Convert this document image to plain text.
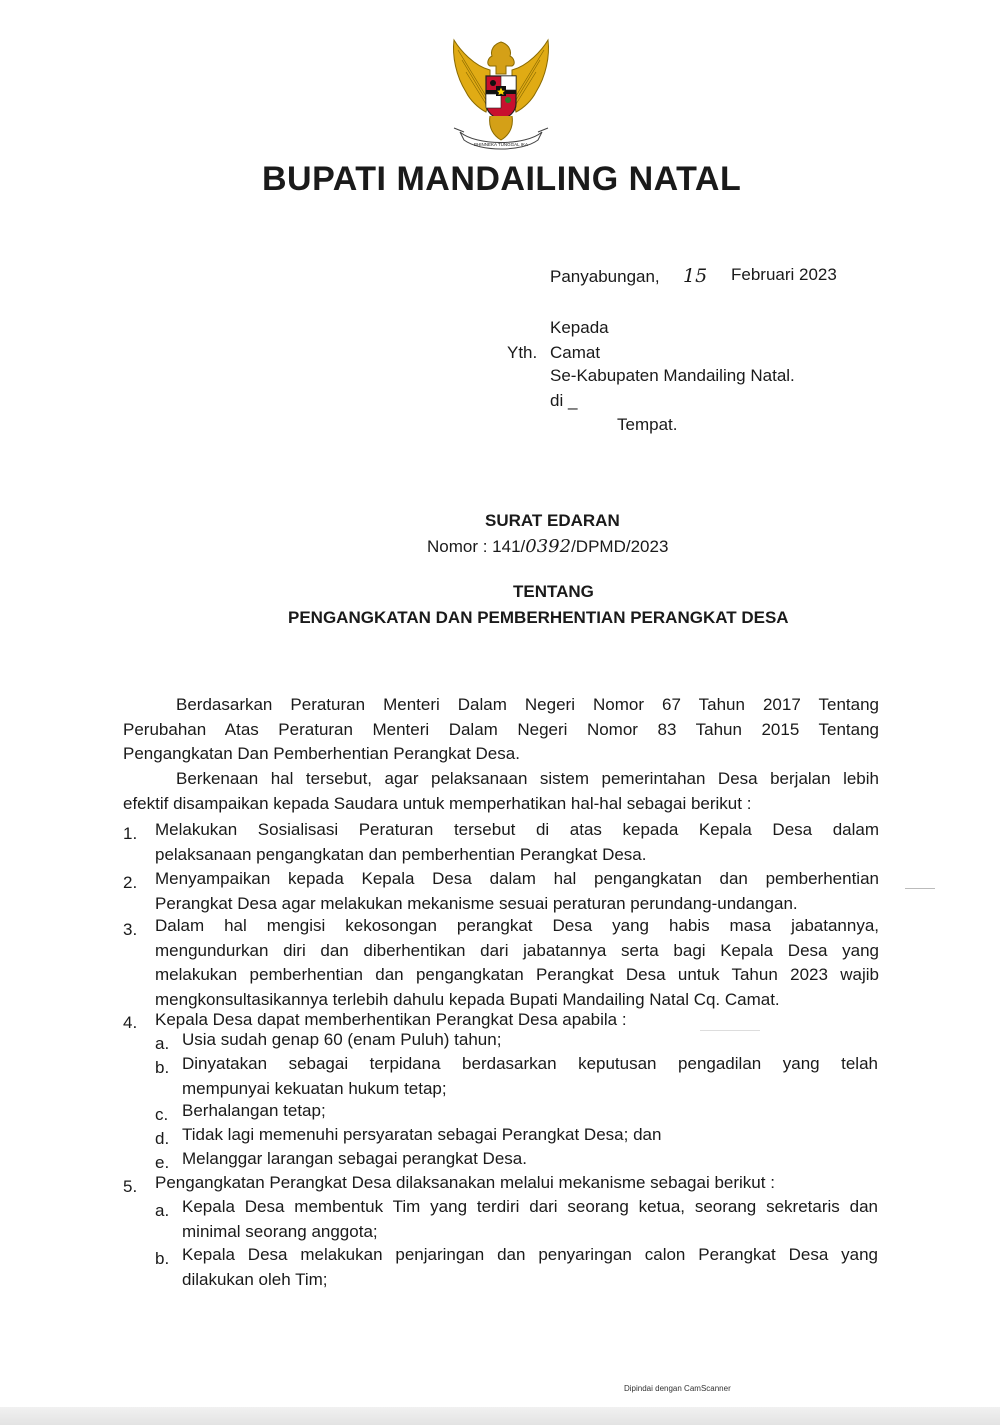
BHINNEKA TUNGGAL IKA
BUPATI MANDAILING NATAL
Panyabungan, 15 Februari 2023
Kepada
Yth. Camat
Se-Kabupaten Mandailing Natal.
di _
Tempat.
SURAT EDARAN
Nomor : 141/0392/DPMD/2023
TENTANG
PENGANGKATAN DAN PEMBERHENTIAN PERANGKAT DESA
Berdasarkan Peraturan Menteri Dalam Negeri Nomor 67 Tahun 2017 Tentang
Perubahan Atas Peraturan Menteri Dalam Negeri Nomor 83 Tahun 2015 Tentang
Pengangkatan Dan Pemberhentian Perangkat Desa.
Berkenaan hal tersebut, agar pelaksanaan sistem pemerintahan Desa berjalan lebih
efektif disampaikan kepada Saudara untuk memperhatikan hal-hal sebagai berikut :
1. Melakukan Sosialisasi Peraturan tersebut di atas kepada Kepala Desa dalam
pelaksanaan pengangkatan dan pemberhentian Perangkat Desa.
2. Menyampaikan kepada Kepala Desa dalam hal pengangkatan dan pemberhentian
Perangkat Desa agar melakukan mekanisme sesuai peraturan perundang-undangan.
3. Dalam hal mengisi kekosongan perangkat Desa yang habis masa jabatannya,
mengundurkan diri dan diberhentikan dari jabatannya serta bagi Kepala Desa yang
melakukan pemberhentian dan pengangkatan Perangkat Desa untuk Tahun 2023 wajib
mengkonsultasikannya terlebih dahulu kepada Bupati Mandailing Natal Cq. Camat.
4. Kepala Desa dapat memberhentikan Perangkat Desa apabila :
a. Usia sudah genap 60 (enam Puluh) tahun;
b. Dinyatakan sebagai terpidana berdasarkan keputusan pengadilan yang telah
mempunyai kekuatan hukum tetap;
c. Berhalangan tetap;
d. Tidak lagi memenuhi persyaratan sebagai Perangkat Desa; dan
e. Melanggar larangan sebagai perangkat Desa.
5. Pengangkatan Perangkat Desa dilaksanakan melalui mekanisme sebagai berikut :
a. Kepala Desa membentuk Tim yang terdiri dari seorang ketua, seorang sekretaris dan
minimal seorang anggota;
b. Kepala Desa melakukan penjaringan dan penyaringan calon Perangkat Desa yang
dilakukan oleh Tim;
Dipindai dengan CamScanner
